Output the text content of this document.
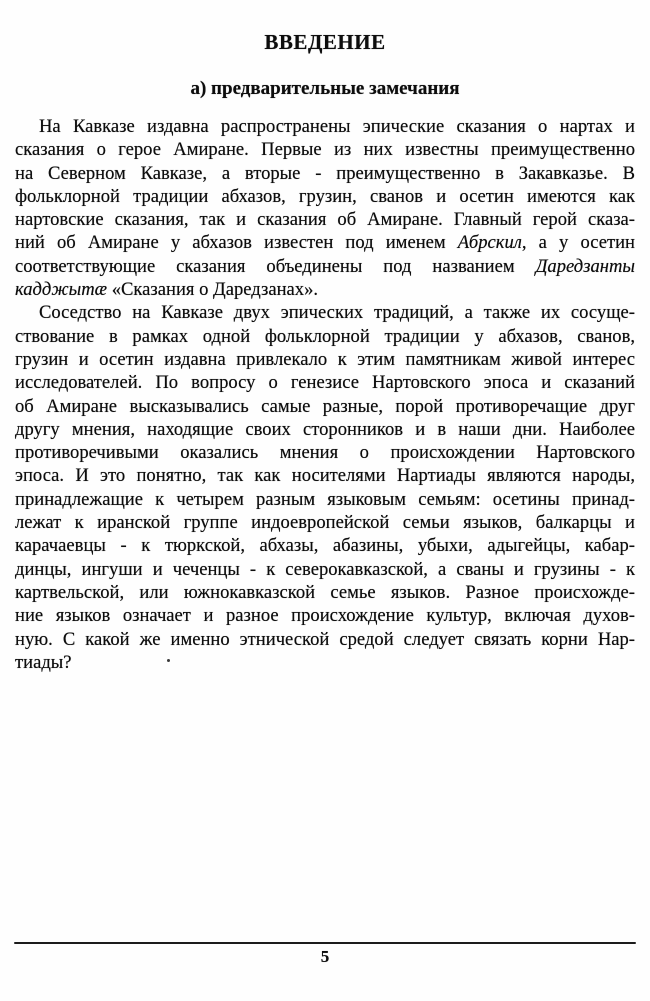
ВВЕДЕНИЕ
а) предварительные замечания
На Кавказе издавна распространены эпические сказания о нартах и
сказания о герое Амиране. Первые из них известны преимущественно
на Северном Кавказе, а вторые - преимущественно в Закавказье. В
фольклорной традиции абхазов, грузин, сванов и осетин имеются как
нартовские сказания, так и сказания об Амиране. Главный герой сказа-
ний об Амиране у абхазов известен под именем Абрскил, а у осетин
соответствующие сказания объединены под названием Даредзанты
кадджытæ «Сказания о Даредзанах».
Соседство на Кавказе двух эпических традиций, а также их сосуще-
ствование в рамках одной фольклорной традиции у абхазов, сванов,
грузин и осетин издавна привлекало к этим памятникам живой интерес
исследователей. По вопросу о генезисе Нартовского эпоса и сказаний
об Амиране высказывались самые разные, порой противоречащие друг
другу мнения, находящие своих сторонников и в наши дни. Наиболее
противоречивыми оказались мнения о происхождении Нартовского
эпоса. И это понятно, так как носителями Нартиады являются народы,
принадлежащие к четырем разным языковым семьям: осетины принад-
лежат к иранской группе индоевропейской семьи языков, балкарцы и
карачаевцы - к тюркской, абхазы, абазины, убыхи, адыгейцы, кабар-
динцы, ингуши и чеченцы - к северокавказской, а сваны и грузины - к
картвельской, или южнокавказской семье языков. Разное происхожде-
ние языков означает и разное происхождение культур, включая духов-
ную. С какой же именно этнической средой следует связать корни Нар-
тиады?
5
